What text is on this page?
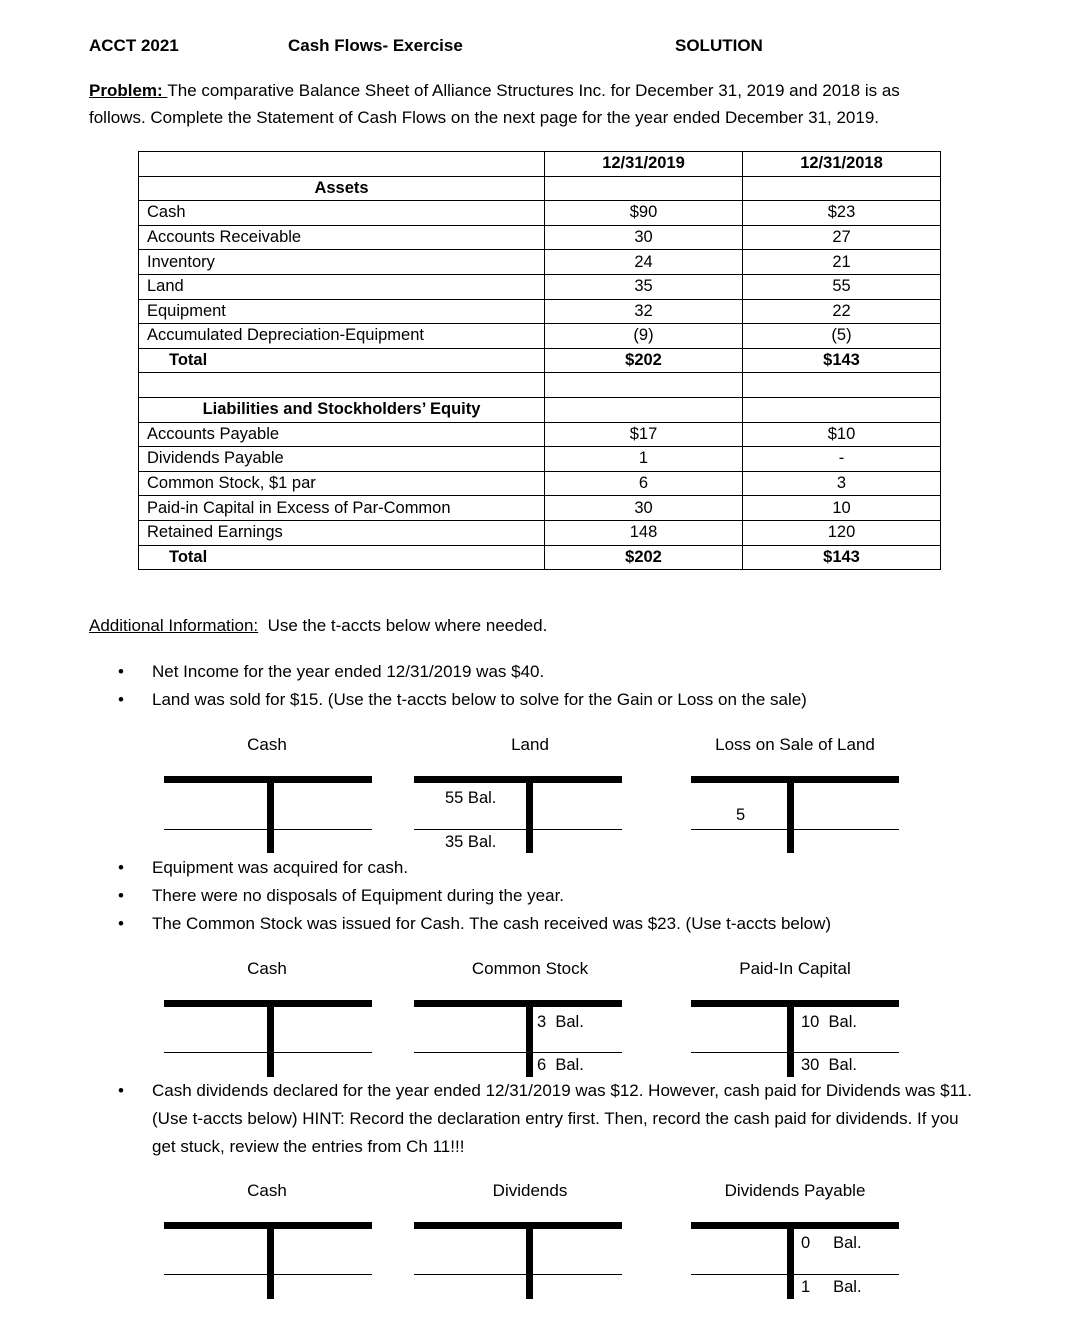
ACCT 2021	Cash Flows- Exercise	SOLUTION
Problem: The comparative Balance Sheet of Alliance Structures Inc. for December 31, 2019 and 2018 is as
follows. Complete the Statement of Cash Flows on the next page for the year ended December 31, 2019.
	12/31/2019	12/31/2018
Assets		
Cash	$90	$23
Accounts Receivable	30	27
Inventory	24	21
Land	35	55
Equipment	32	22
Accumulated Depreciation-Equipment	(9)	(5)
Total	$202	$143

Liabilities and Stockholders’ Equity		
Accounts Payable	$17	$10
Dividends Payable	1	-
Common Stock, $1 par	6	3
Paid-in Capital in Excess of Par-Common	30	10
Retained Earnings	148	120
Total	$202	$143
Additional Information:  Use the t-accts below where needed.
• Net Income for the year ended 12/31/2019 was $40.
• Land was sold for $15. (Use the t-accts below to solve for the Gain or Loss on the sale)
Cash	Land	Loss on Sale of Land
55 Bal.
35 Bal.
5
• Equipment was acquired for cash.
• There were no disposals of Equipment during the year.
• The Common Stock was issued for Cash. The cash received was $23. (Use t-accts below)
Cash	Common Stock	Paid-In Capital
3  Bal.
6  Bal.
10  Bal.
30  Bal.
• Cash dividends declared for the year ended 12/31/2019 was $12. However, cash paid for Dividends was $11. (Use t-accts below) HINT: Record the declaration entry first. Then, record the cash paid for dividends. If you get stuck, review the entries from Ch 11!!!
Cash	Dividends	Dividends Payable
0     Bal.
1     Bal.
